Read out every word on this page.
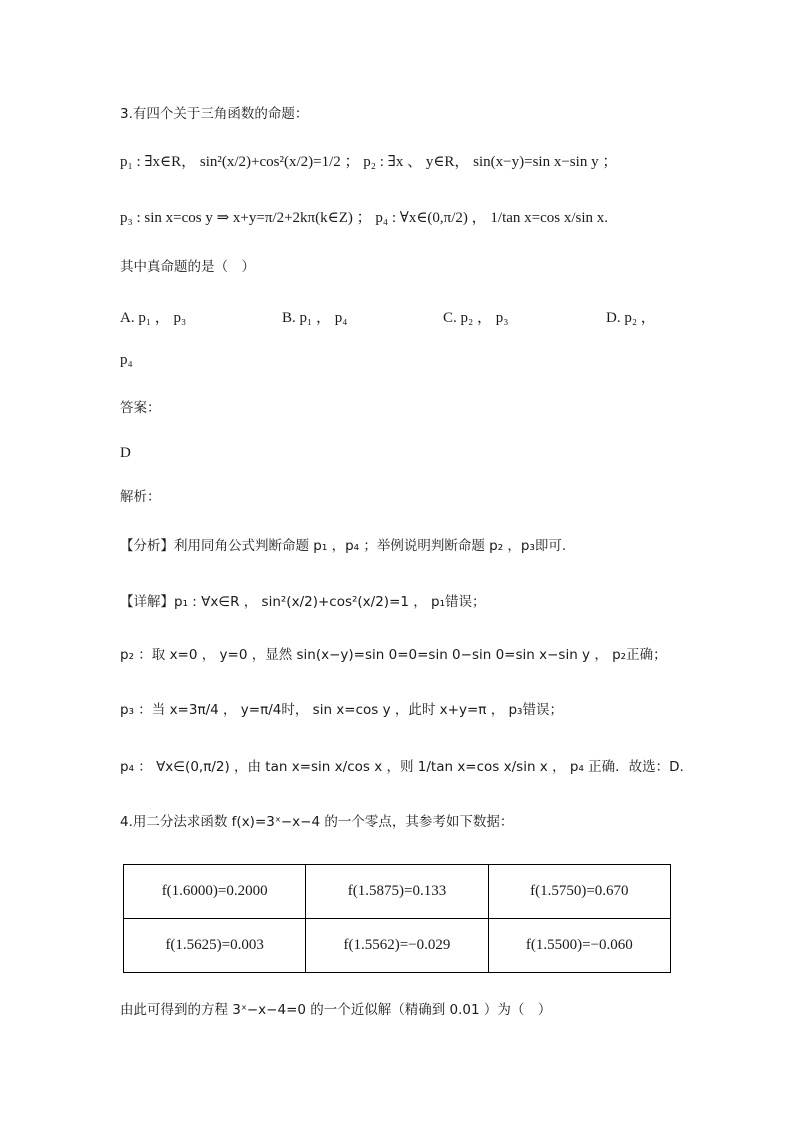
3.有四个关于三角函数的命题：
p₁ : ∃x∈R， sin²(x/2)+cos²(x/2)=1/2 ； p₂ : ∃x 、 y∈R， sin(x−y)=sin x−sin y ；
p₃ : sin x=cos y ⇒ x+y=π/2+2kπ(k∈Z) ； p₄ : ∀x∈(0,π/2) ， 1/tan x=cos x/sin x.
其中真命题的是（　）
A. p₁ ， p₃	B. p₁ ， p₄	C. p₂ ， p₃	D. p₂ ，
p₄
答案：
D
解析：
【分析】利用同角公式判断命题 p₁ ，p₄ ；举例说明判断命题 p₂ ，p₃即可.
【详解】p₁ : ∀x∈R ， sin²(x/2)+cos²(x/2)=1 ， p₁错误；
p₂ ：取 x=0 ， y=0 ，显然 sin(x−y)=sin 0=0=sin 0−sin 0=sin x−sin y ， p₂正确；
p₃ ：当 x=3π/4 ， y=π/4时， sin x=cos y ，此时 x+y=π ， p₃错误；
p₄ ： ∀x∈(0,π/2) ，由 tan x=sin x/cos x ，则 1/tan x=cos x/sin x ， p₄ 正确．故选：D.
4.用二分法求函数 f(x)=3ˣ−x−4 的一个零点，其参考如下数据：
f(1.6000)=0.2000	f(1.5875)=0.133	f(1.5750)=0.670
f(1.5625)=0.003	f(1.5562)=−0.029	f(1.5500)=−0.060
由此可得到的方程 3ˣ−x−4=0 的一个近似解（精确到 0.01 ）为（　）
